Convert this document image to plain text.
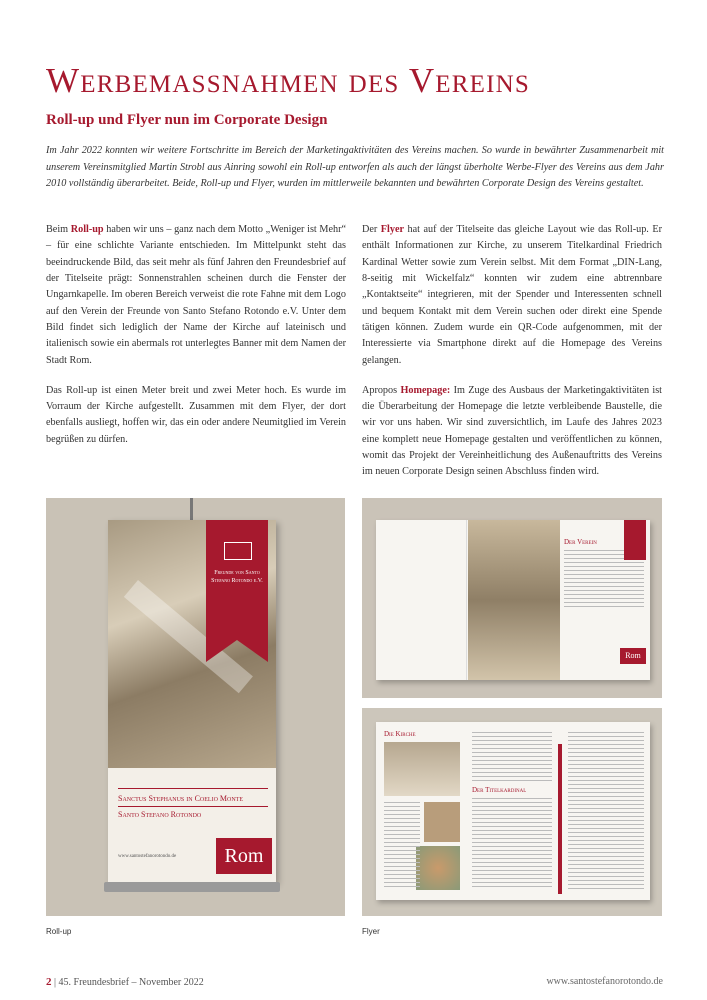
Werbemassnahmen des Vereins
Roll-up und Flyer nun im Corporate Design
Im Jahr 2022 konnten wir weitere Fortschritte im Bereich der Marketingaktivitäten des Vereins machen. So wurde in bewährter Zusammenarbeit mit unserem Vereinsmitglied Martin Strobl aus Ainring sowohl ein Roll-up entworfen als auch der längst überholte Werbe-Flyer des Vereins aus dem Jahr 2010 vollständig überarbeitet. Beide, Roll-up und Flyer, wurden im mittlerweile bekannten und bewährten Corporate Design des Vereins gestaltet.

Beim Roll-up haben wir uns – ganz nach dem Motto „Weniger ist Mehr“ – für eine schlichte Variante entschieden. Im Mittelpunkt steht das beeindruckende Bild, das seit mehr als fünf Jahren den Freundesbrief auf der Titelseite prägt: Sonnenstrahlen scheinen durch die Fenster der Ungarnkapelle. Im oberen Bereich verweist die rote Fahne mit dem Logo auf den Verein der Freunde von Santo Stefano Rotondo e.V. Unter dem Bild findet sich lediglich der Name der Kirche auf lateinisch und italienisch sowie ein abermals rot unterlegtes Banner mit dem Namen der Stadt Rom.

Das Roll-up ist einen Meter breit und zwei Meter hoch. Es wurde im Vorraum der Kirche aufgestellt. Zusammen mit dem Flyer, der dort ebenfalls ausliegt, hoffen wir, das ein oder andere Neumitglied im Verein begrüßen zu dürfen.

Der Flyer hat auf der Titelseite das gleiche Layout wie das Roll-up. Er enthält Informationen zur Kirche, zu unserem Titelkardinal Friedrich Kardinal Wetter sowie zum Verein selbst. Mit dem Format „DIN-Lang, 8-seitig mit Wickelfalz“ konnten wir zudem eine abtrennbare „Kontaktseite“ integrieren, mit der Spender und Interessenten schnell und bequem Kontakt mit dem Verein suchen oder direkt eine Spende tätigen können. Zudem wurde ein QR-Code aufgenommen, mit der Interessierte via Smartphone direkt auf die Homepage des Vereins gelangen.

Apropos Homepage: Im Zuge des Ausbaus der Marketingaktivitäten ist die Überarbeitung der Homepage die letzte verbleibende Baustelle, die wir vor uns haben. Wir sind zuversichtlich, im Laufe des Jahres 2023 eine komplett neue Homepage gestalten und veröffentlichen zu können, womit das Projekt der Vereinheitlichung des Außenauftritts des Vereins im neuen Corporate Design seinen Abschluss finden wird.

Freunde von Santo Stefano Rotondo e.V.
Sanctus Stephanus in Coelio Monte
Santo Stefano Rotondo
www.santostefanorotondo.de	Rom
Der Verein
Rom
Die Kirche
Der Titelkardinal
Roll-up	Flyer
2 | 45. Freundesbrief – November 2022	www.santostefanorotondo.de
